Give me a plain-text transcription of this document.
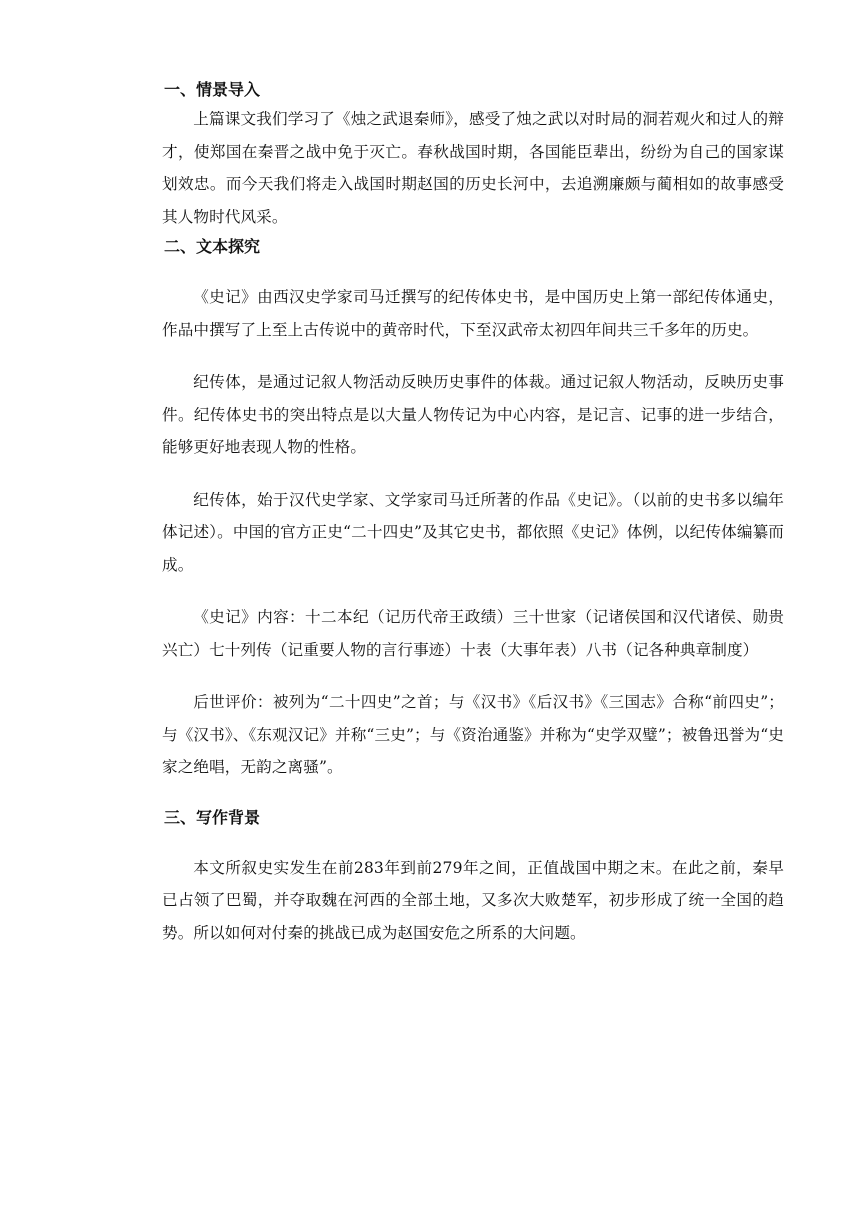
一、情景导入

上篇课文我们学习了《烛之武退秦师》，感受了烛之武以对时局的洞若观火和过人的辩才，使郑国在秦晋之战中免于灭亡。春秋战国时期，各国能臣辈出，纷纷为自己的国家谋划效忠。而今天我们将走入战国时期赵国的历史长河中，去追溯廉颇与蔺相如的故事感受其人物时代风采。

二、文本探究

《史记》由西汉史学家司马迁撰写的纪传体史书，是中国历史上第一部纪传体通史，作品中撰写了上至上古传说中的黄帝时代，下至汉武帝太初四年间共三千多年的历史。

纪传体，是通过记叙人物活动反映历史事件的体裁。通过记叙人物活动，反映历史事件。纪传体史书的突出特点是以大量人物传记为中心内容，是记言、记事的进一步结合，能够更好地表现人物的性格。

纪传体，始于汉代史学家、文学家司马迁所著的作品《史记》。（以前的史书多以编年体记述）。中国的官方正史“二十四史”及其它史书，都依照《史记》体例，以纪传体编纂而成。

《史记》内容：十二本纪（记历代帝王政绩）三十世家（记诸侯国和汉代诸侯、勋贵兴亡）七十列传（记重要人物的言行事迹）十表（大事年表）八书（记各种典章制度）

后世评价：被列为“二十四史”之首；与《汉书》《后汉书》《三国志》合称“前四史”；与《汉书》、《东观汉记》并称“三史”；与《资治通鉴》并称为“史学双璧”；被鲁迅誉为“史家之绝唱，无韵之离骚”。

三、写作背景

本文所叙史实发生在前283年到前279年之间，正值战国中期之末。在此之前，秦早已占领了巴蜀，并夺取魏在河西的全部土地，又多次大败楚军，初步形成了统一全国的趋势。所以如何对付秦的挑战已成为赵国安危之所系的大问题。
